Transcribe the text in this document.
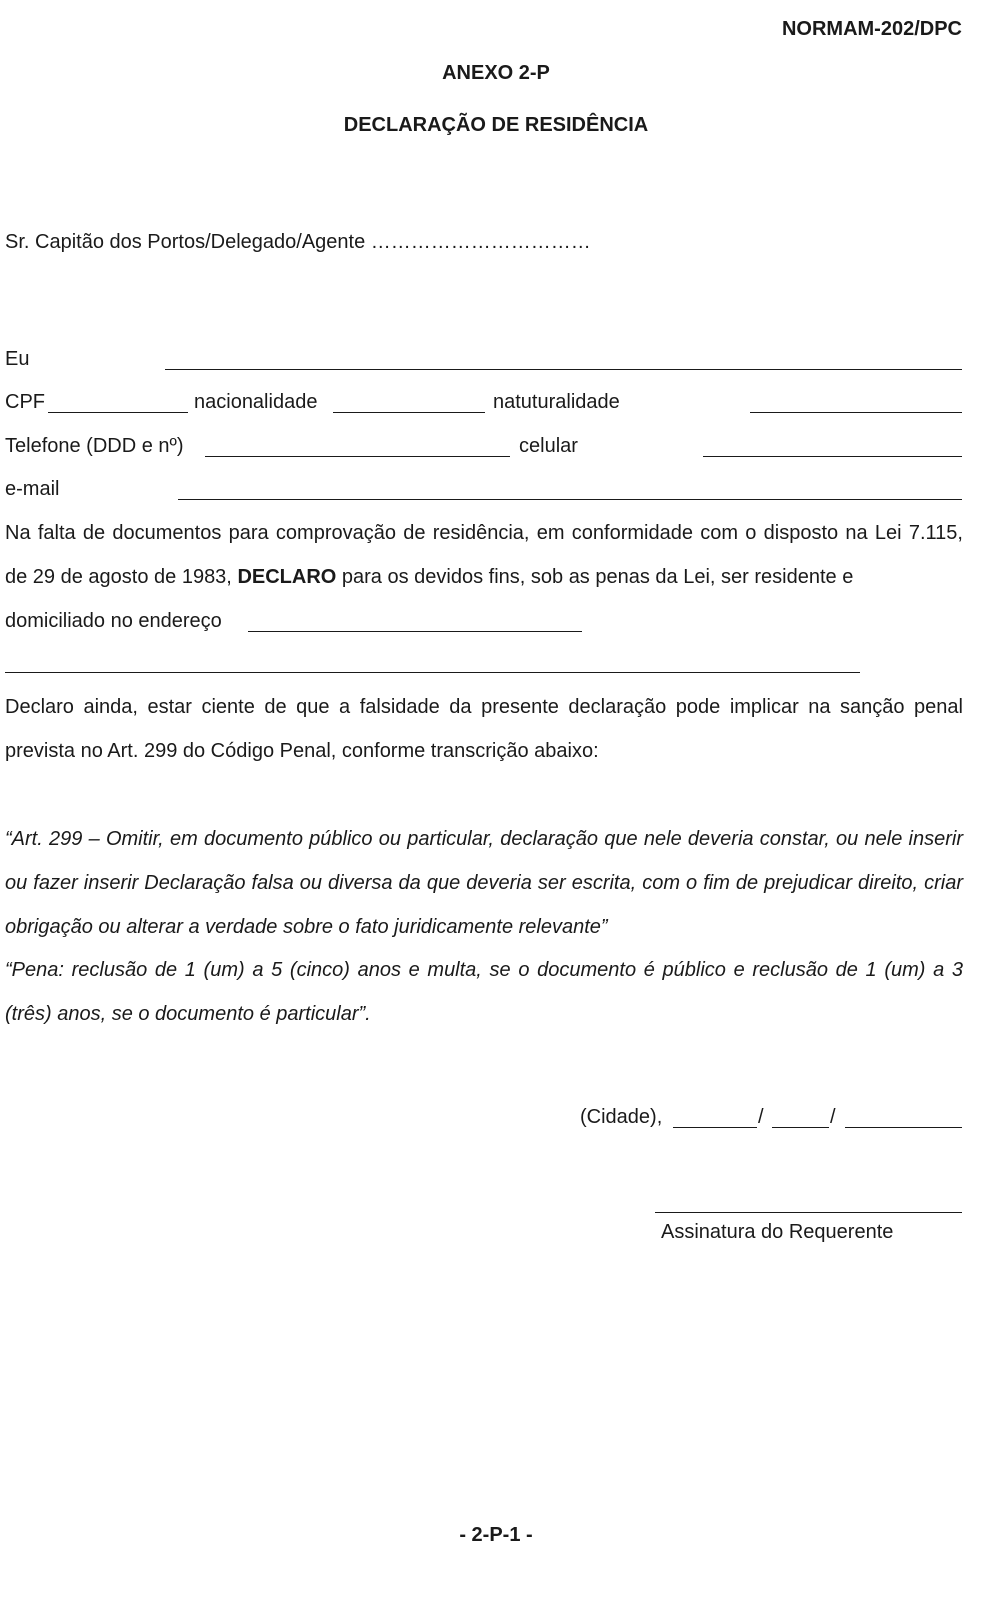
NORMAM-202/DPC
ANEXO 2-P
DECLARAÇÃO DE RESIDÊNCIA
Sr. Capitão dos Portos/Delegado/Agente ……………………………
Eu
CPF	nacionalidade	natuturalidade
Telefone (DDD e nº)	celular
e-mail
Na falta de documentos para comprovação de residência, em conformidade com o disposto na Lei 7.115, de 29 de agosto de 1983, DECLARO para os devidos fins, sob as penas da Lei, ser residente e
domiciliado no endereço
Declaro ainda, estar ciente de que a falsidade da presente declaração pode implicar na sanção penal prevista no Art. 299 do Código Penal, conforme transcrição abaixo:
“Art. 299 – Omitir, em documento público ou particular, declaração que nele deveria constar, ou nele inserir ou fazer inserir Declaração falsa ou diversa da que deveria ser escrita, com o fim de prejudicar direito, criar obrigação ou alterar a verdade sobre o fato juridicamente relevante”
“Pena: reclusão de 1 (um) a 5 (cinco) anos e multa, se o documento é público e reclusão de 1 (um) a 3 (três) anos, se o documento é particular”.
(Cidade),	/	/
Assinatura do Requerente
- 2-P-1 -
